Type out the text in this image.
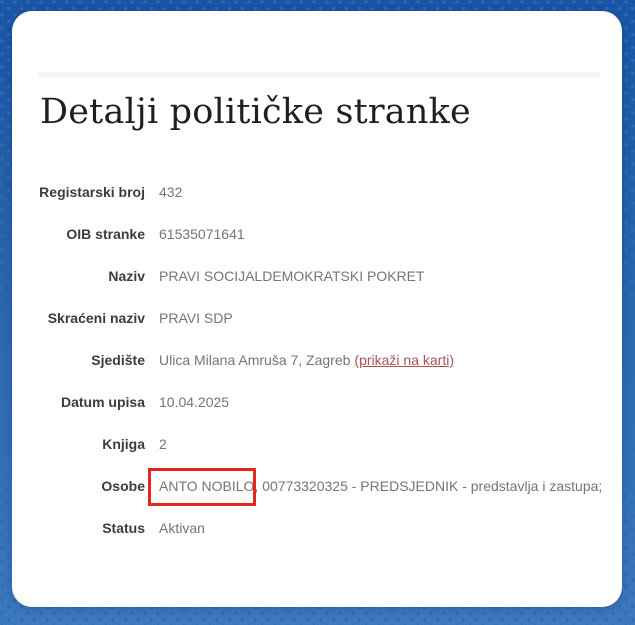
Detalji političke stranke
Registarski broj 432
OIB stranke 61535071641
Naziv PRAVI SOCIJALDEMOKRATSKI POKRET
Skraćeni naziv PRAVI SDP
Sjedište Ulica Milana Amruša 7, Zagreb (prikaži na karti)
Datum upisa 10.04.2025
Knjiga 2
Osobe ANTO NOBILO, 00773320325 - PREDSJEDNIK - predstavlja i zastupa;
Status Aktivan
